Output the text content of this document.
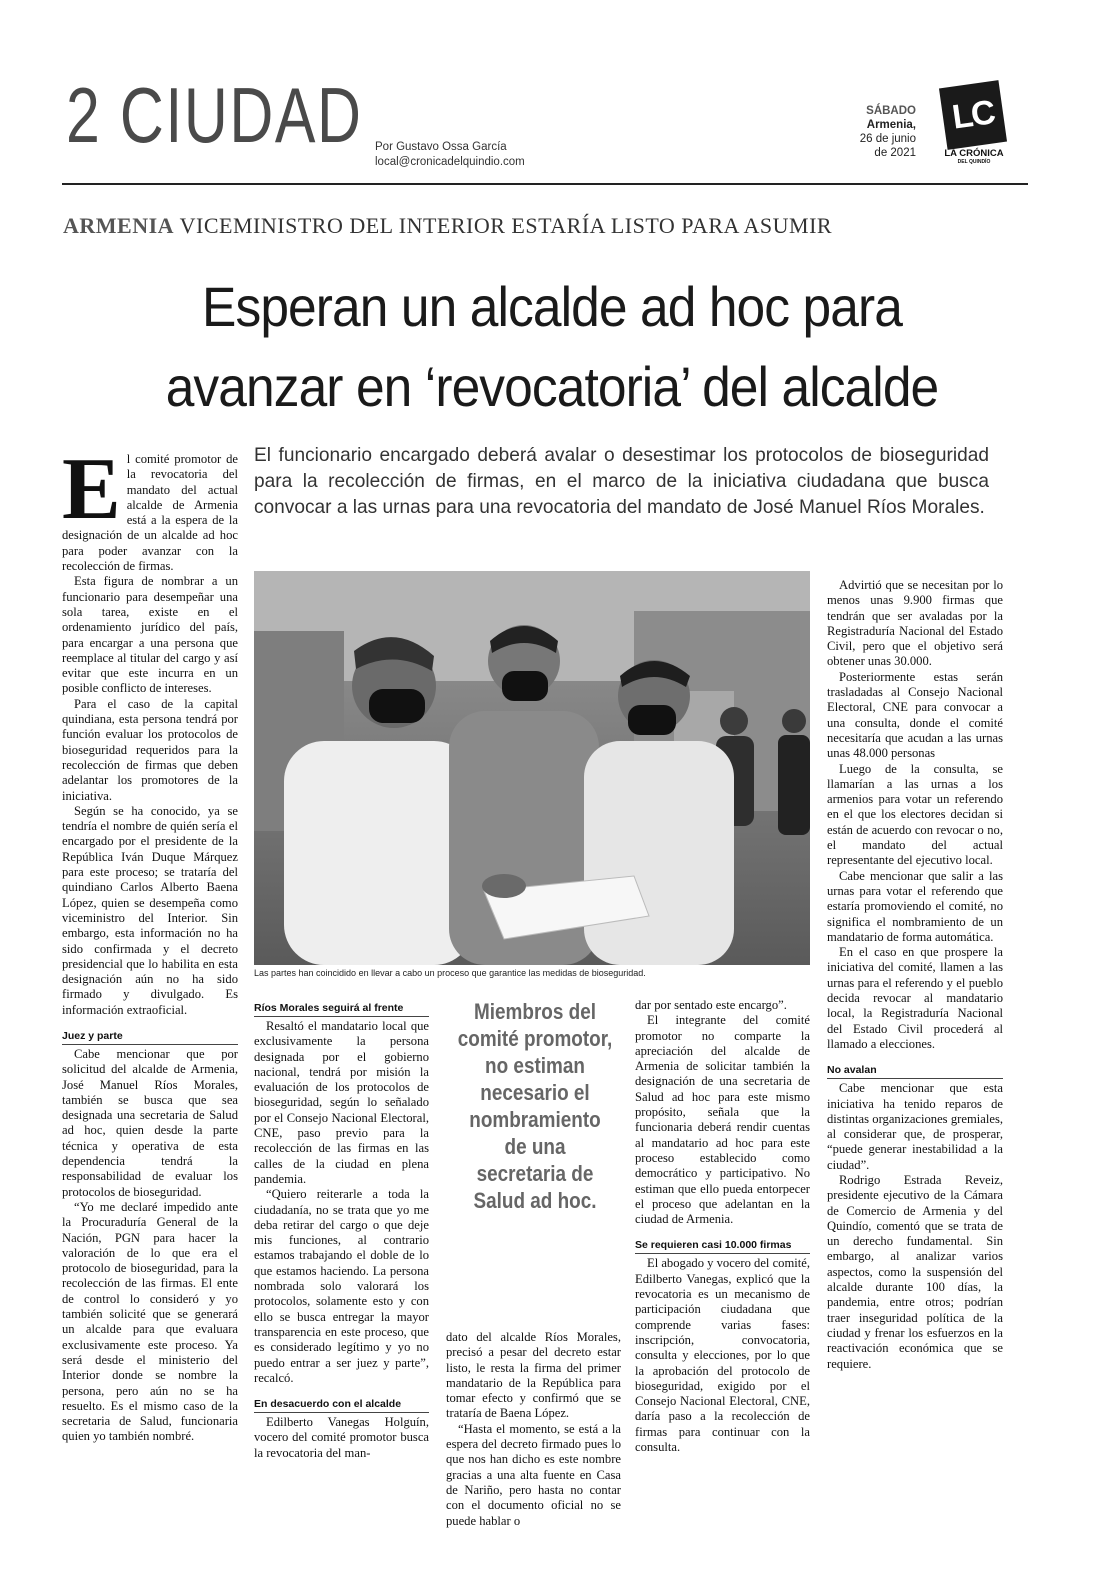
2 CIUDAD Por Gustavo Ossa García
local@cronicadelquindio.com
SÁBADO
Armenia,
26 de junio
de 2021
LC
LA CRÓNICA
DEL QUINDÍO
ARMENIA VICEMINISTRO DEL INTERIOR ESTARÍA LISTO PARA ASUMIR
Esperan un alcalde ad hoc para
avanzar en ‘revocatoria’ del alcalde
El funcionario encargado deberá avalar o desestimar los protocolos de bioseguridad para la recolección de firmas, en el marco de la iniciativa ciudadana que busca convocar a las urnas para una revocatoria del mandato de José Manuel Ríos Morales.

El comité promotor de la revocatoria del mandato del actual alcalde de Armenia está a la espera de la designación de un alcalde ad hoc para poder avanzar con la recolección de firmas.

Esta figura de nombrar a un funcionario para desempeñar una sola tarea, existe en el ordenamiento jurídico del país, para encargar a una persona que reemplace al titular del cargo y así evitar que este incurra en un posible conflicto de intereses.

Para el caso de la capital quindiana, esta persona tendrá por función evaluar los protocolos de bioseguridad requeridos para la recolección de firmas que deben adelantar los promotores de la iniciativa.

Según se ha conocido, ya se tendría el nombre de quién sería el encargado por el presidente de la República Iván Duque Márquez para este proceso; se trataría del quindiano Carlos Alberto Baena López, quien se desempeña como viceministro del Interior. Sin embargo, esta información no ha sido confirmada y el decreto presidencial que lo habilita en esta designación aún no ha sido firmado y divulgado. Es información extraoficial.

Juez y parte

Cabe mencionar que por solicitud del alcalde de Armenia, José Manuel Ríos Morales, también se busca que sea designada una secretaria de Salud ad hoc, quien desde la parte técnica y operativa de esta dependencia tendrá la responsabilidad de evaluar los protocolos de bioseguridad.

“Yo me declaré impedido ante la Procuraduría General de la Nación, PGN para hacer la valoración de lo que era el protocolo de bioseguridad, para la recolección de las firmas. El ente de control lo consideró y yo también solicité que se generará un alcalde para que evaluara exclusivamente este proceso. Ya será desde el ministerio del Interior donde se nombre la persona, pero aún no se ha resuelto. Es el mismo caso de la secretaria de Salud, funcionaria quien yo también nombré.

Las partes han coincidido en llevar a cabo un proceso que garantice las medidas de bioseguridad.
Ríos Morales seguirá al frente

Resaltó el mandatario local que exclusivamente la persona designada por el gobierno nacional, tendrá por misión la evaluación de los protocolos de bioseguridad, según lo señalado por el Consejo Nacional Electoral, CNE, paso previo para la recolección de las firmas en las calles de la ciudad en plena pandemia.

“Quiero reiterarle a toda la ciudadanía, no se trata que yo me deba retirar del cargo o que deje mis funciones, al contrario estamos trabajando el doble de lo que estamos haciendo. La persona nombrada solo valorará los protocolos, solamente esto y con ello se busca entregar la mayor transparencia en este proceso, que es considerado legítimo y yo no puedo entrar a ser juez y parte”, recalcó.

En desacuerdo con el alcalde

Edilberto Vanegas Holguín, vocero del comité promotor busca la revocatoria del man-

Miembros del comité promotor, no estiman necesario el nombramiento de una secretaria de Salud ad hoc.

dato del alcalde Ríos Morales, precisó a pesar del decreto estar listo, le resta la firma del primer mandatario de la República para tomar efecto y confirmó que se trataría de Baena López.

“Hasta el momento, se está a la espera del decreto firmado pues lo que nos han dicho es este nombre gracias a una alta fuente en Casa de Nariño, pero hasta no contar con el documento oficial no se puede hablar o

dar por sentado este encargo”.

El integrante del comité promotor no comparte la apreciación del alcalde de Armenia de solicitar también la designación de una secretaria de Salud ad hoc para este mismo propósito, señala que la funcionaria deberá rendir cuentas al mandatario ad hoc para este proceso establecido como democrático y participativo. No estiman que ello pueda entorpecer el proceso que adelantan en la ciudad de Armenia.

Se requieren casi 10.000 firmas

El abogado y vocero del comité, Edilberto Vanegas, explicó que la revocatoria es un mecanismo de participación ciudadana que comprende varias fases: inscripción, convocatoria, consulta y elecciones, por lo que la aprobación del protocolo de bioseguridad, exigido por el Consejo Nacional Electoral, CNE, daría paso a la recolección de firmas para continuar con la consulta.

Advirtió que se necesitan por lo menos unas 9.900 firmas que tendrán que ser avaladas por la Registraduría Nacional del Estado Civil, pero que el objetivo será obtener unas 30.000.

Posteriormente estas serán trasladadas al Consejo Nacional Electoral, CNE para convocar a una consulta, donde el comité necesitaría que acudan a las urnas unas 48.000 personas

Luego de la consulta, se llamarían a las urnas a los armenios para votar un referendo en el que los electores decidan si están de acuerdo con revocar o no, el mandato del actual representante del ejecutivo local.

Cabe mencionar que salir a las urnas para votar el referendo que estaría promoviendo el comité, no significa el nombramiento de un mandatario de forma automática.

En el caso en que prospere la iniciativa del comité, llamen a las urnas para el referendo y el pueblo decida revocar al mandatario local, la Registraduría Nacional del Estado Civil procederá al llamado a elecciones.

No avalan

Cabe mencionar que esta iniciativa ha tenido reparos de distintas organizaciones gremiales, al considerar que, de prosperar, “puede generar inestabilidad a la ciudad”.

Rodrigo Estrada Reveiz, presidente ejecutivo de la Cámara de Comercio de Armenia y del Quindío, comentó que se trata de un derecho fundamental. Sin embargo, al analizar varios aspectos, como la suspensión del alcalde durante 100 días, la pandemia, entre otros; podrían traer inseguridad política de la ciudad y frenar los esfuerzos en la reactivación económica que se requiere.
